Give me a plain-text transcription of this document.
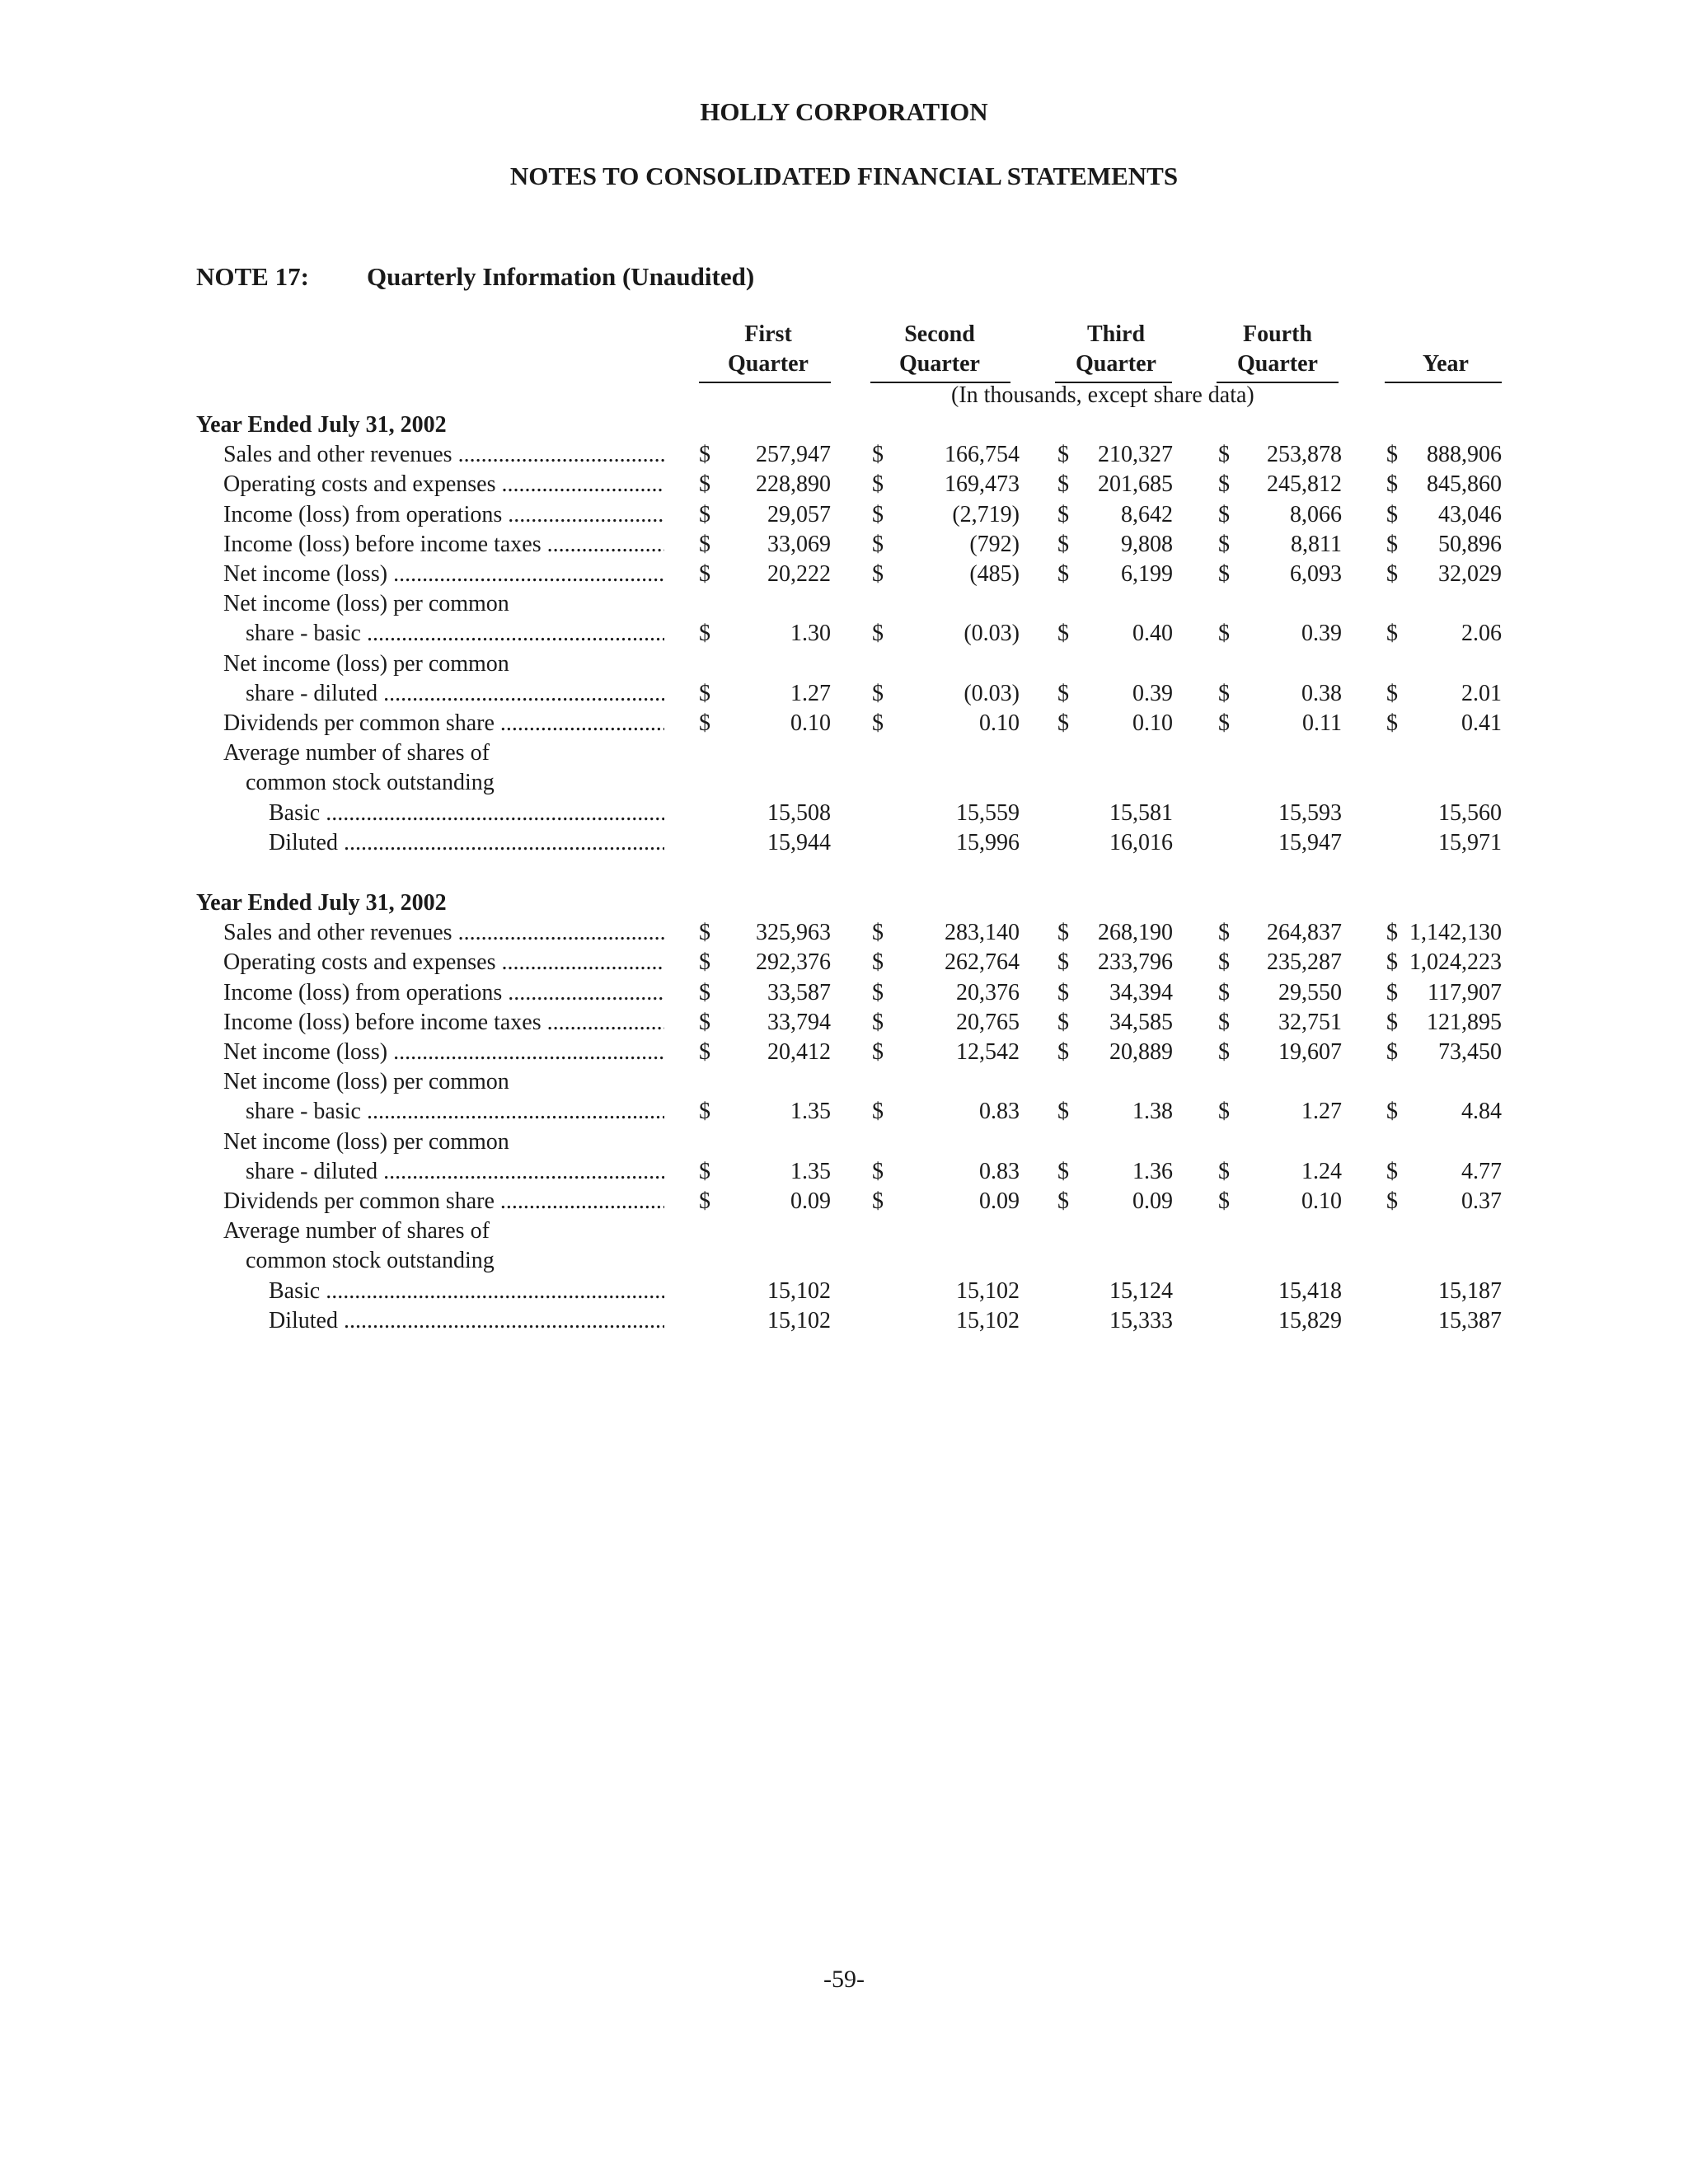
HOLLY CORPORATION
NOTES TO CONSOLIDATED FINANCIAL STATEMENTS
NOTE 17: Quarterly Information (Unaudited)
First
Quarter
Second
Quarter
Third
Quarter
Fourth
Quarter	Year
(In thousands, except share data)
Year Ended July 31, 2002
Sales and other revenues .....	$	257,947 $	166,754 $	210,327 $	253,878 $	888,906
Operating costs and expenses .....	$	228,890 $	169,473 $	201,685 $	245,812 $	845,860
Income (loss) from operations .....	$	29,057 $	(2,719) $	8,642 $	8,066 $	43,046
Income (loss) before income taxes .....	$	33,069 $	(792) $	9,808 $	8,811 $	50,896
Net income (loss) .....	$	20,222 $	(485) $	6,199 $	6,093 $	32,029
Net income (loss) per common
share - basic .....	$	1.30 $	(0.03) $	0.40 $	0.39 $	2.06
Net income (loss) per common
share - diluted .....	$	1.27 $	(0.03) $	0.39 $	0.38 $	2.01
Dividends per common share .....	$	0.10 $	0.10 $	0.10 $	0.11 $	0.41
Average number of shares of
common stock outstanding
Basic .....	15,508	15,559	15,581	15,593	15,560
Diluted .....	15,944	15,996	16,016	15,947	15,971
Year Ended July 31, 2002
Sales and other revenues .....	$	325,963 $	283,140 $	268,190 $	264,837 $ 1,142,130
Operating costs and expenses .....	$	292,376 $	262,764 $	233,796 $	235,287 $ 1,024,223
Income (loss) from operations .....	$	33,587 $	20,376 $	34,394 $	29,550 $	117,907
Income (loss) before income taxes .....	$	33,794 $	20,765 $	34,585 $	32,751 $	121,895
Net income (loss) .....	$	20,412 $	12,542 $	20,889 $	19,607 $	73,450
Net income (loss) per common
share - basic .....	$	1.35 $	0.83 $	1.38 $	1.27 $	4.84
Net income (loss) per common
share - diluted .....	$	1.35 $	0.83 $	1.36 $	1.24 $	4.77
Dividends per common share .....	$	0.09 $	0.09 $	0.09 $	0.10 $	0.37
Average number of shares of
common stock outstanding
Basic .....	15,102	15,102	15,124	15,418	15,187
Diluted .....	15,102	15,102	15,333	15,829	15,387
-59-
